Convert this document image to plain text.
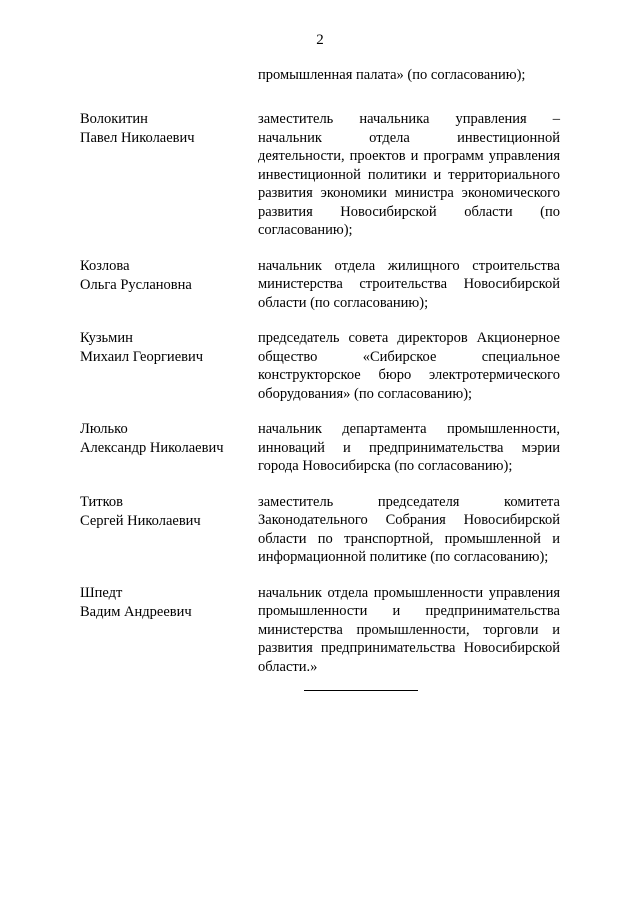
2
промышленная палата» (по согласованию);
Волокитин
Павел Николаевич
заместитель начальника управления – начальник отдела инвестиционной деятельности, проектов и программ управления инвестиционной политики и территориального развития экономики министра экономического развития Новосибирской области (по согласованию);
Козлова
Ольга Руслановна
начальник отдела жилищного строительства министерства строительства Новосибирской области (по согласованию);
Кузьмин
Михаил Георгиевич
председатель совета директоров Акционерное общество «Сибирское специальное конструкторское бюро электротермического оборудования» (по согласованию);
Люлько
Александр Николаевич
начальник департамента промышленности, инноваций и предпринимательства мэрии города Новосибирска (по согласованию);
Титков
Сергей Николаевич
заместитель председателя комитета Законодательного Собрания Новосибирской области по транспортной, промышленной и информационной политике (по согласованию);
Шпедт
Вадим Андреевич
начальник отдела промышленности управления промышленности и предпринимательства министерства промышленности, торговли и развития предпринимательства Новосибирской области.»
